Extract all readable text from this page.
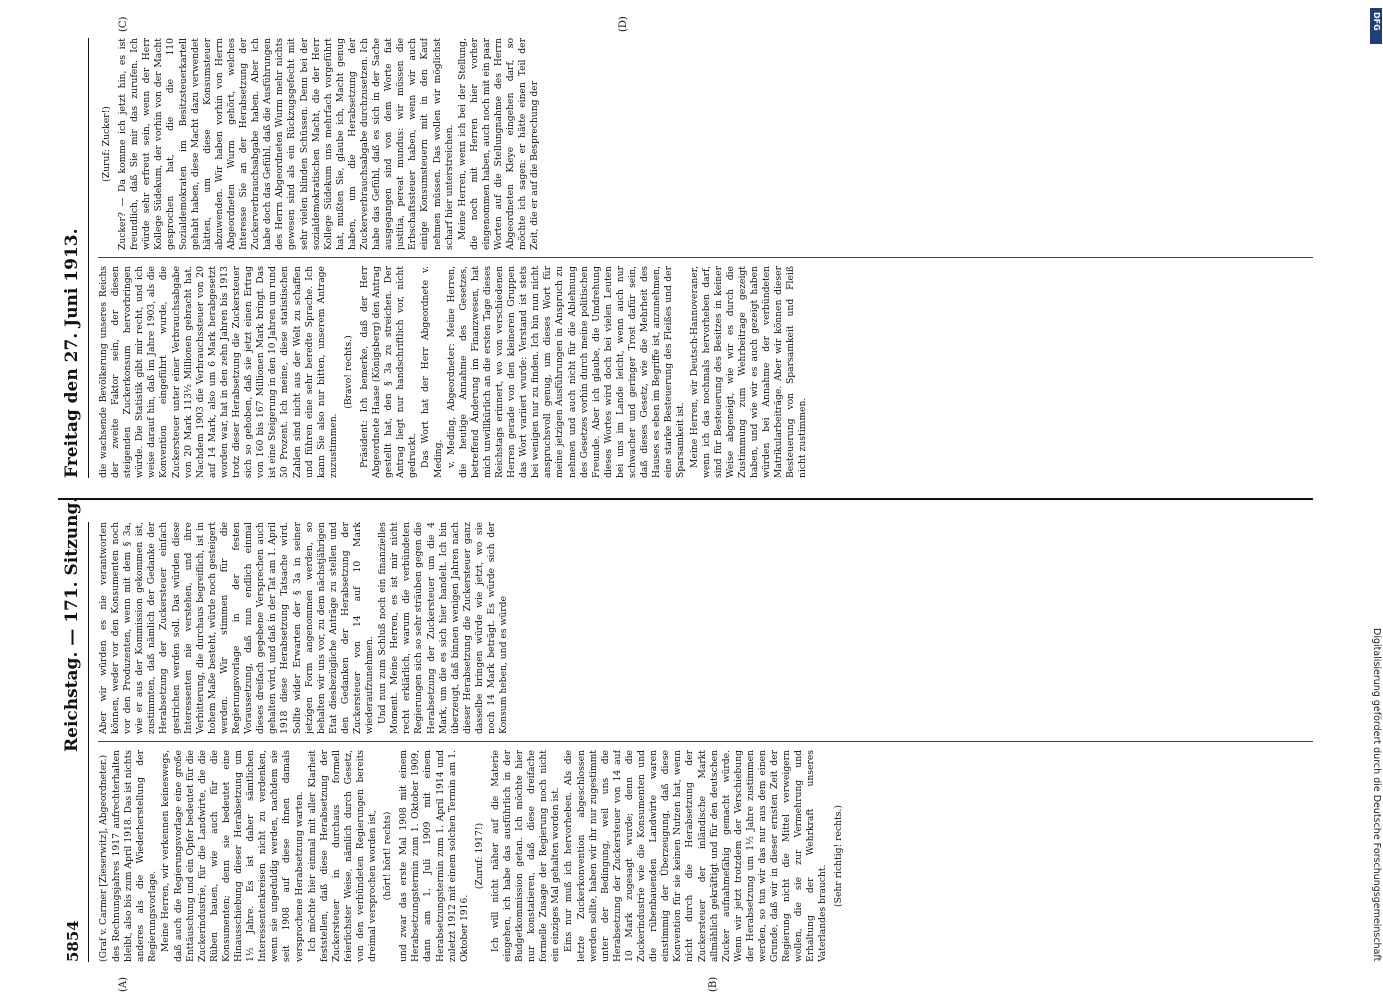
5854
Reichstag. — 171. Sitzung.

(Graf v. Carmer [Zieserwitz], Abgeordneter.) des Rechnungsjahres 1917 aufrechterhalten bleibt, also bis zum April 1918. Das ist nichts anderes als die Wiederherstellung der Regierungsvorlage. Meine Herren, wir verkennen keineswegs, daß auch die Regierungsvorlage eine große Enttäuschung und ein Opfer bedeutet für die Zuckerindustrie, für die Landwirte, die die Rüben bauen, wie auch für die Konsumenten; denn sie bedeutet eine Hinausschiebung dieser Herabsetzung um 1½ Jahre. Es ist daher sämtlichen Interessentenkreisen nicht zu verdenken, wenn sie ungeduldig werden, nachdem sie seit 1908 auf diese ihnen damals versprochene Herabsetzung warten. Ich möchte hier einmal mit aller Klarheit feststellen, daß diese Herabsetzung der Zuckersteuer in durchaus formell feierlichster Weise, nämlich durch Gesetz, von den verbündeten Regierungen bereits dreimal versprochen worden ist, (hört! hört! rechts) und zwar das erste Mal 1908 mit einem Herabsetzungstermin zum 1. Oktober 1909, dann am 1. Juli 1909 mit einem Herabsetzungstermin zum 1. April 1914 und zuletzt 1912 mit einem solchen Termin am 1. Oktober 1916.

(Zuruf: 1917!) Ich will nicht näher auf die Materie eingehen, ich habe das ausführlich in der Budgetkommission getan. Ich möchte hier nur konstatieren, daß diese dreifache formelle Zusage der Regierung noch nicht ein einziges Mal gehalten worden ist. Eins nur muß ich hervorheben. Als die letzte Zuckerkonvention abgeschlossen werden sollte, haben wir ihr nur zugestimmt unter der Bedingung, weil uns die Herabsetzung der Zuckersteuer von 14 auf 10 Mark zugesagt wurde; denn die Zuckerindustrie wie die Konsumenten und die rübenbauenden Landwirte waren einstimmig der Überzeugung, daß diese Konvention für sie keinen Nutzen hat, wenn nicht durch die Herabsetzung der Zuckersteuer der inländische Markt allmählich gekräftigt und für den deutschen Zucker aufnahmefähig gemacht würde. Wenn wir jetzt trotzdem der Verschiebung der Herabsetzung um 1½ Jahre zustimmen werden, so tun wir das nur aus dem einen Grunde, daß wir in dieser ernsten Zeit der Regierung nicht die Mittel verweigern wollen, die sie zur Vermehrung und Erhaltung der Wehrkraft unseres Vaterlandes braucht.

(Sehr richtig! rechts.)

Aber wir würden es nie verantworten können, weder vor den Konsumenten noch vor den Produzenten, wenn mit dem § 3a, wie er aus der Kommission gekommen ist, zustimmten, daß nämlich der Gedanke der Herabsetzung der Zuckersteuer einfach gestrichen werden soll. Das würden diese Interessenten nie verstehen, und ihre Verbitterung, die durchaus begreiflich, ist in hohem Maße besteht, würde noch gesteigert werden. Wir stimmen für die Regierungsvorlage in der festen Voraussetzung, daß nun endlich einmal dieses dreifach gegebene Versprechen auch gehalten wird, und daß in der Tat am 1. April 1918 diese Herabsetzung Tatsache wird. Sollte wider Erwarten der § 3a in seiner jetzigen Form angenommen werden, so behalten wir uns vor, zu dem nächstjährigen Etat diesbezügliche Anträge zu stellen und den Gedanken der Herabsetzung der Zuckersteuer von 14 auf 10 Mark wiederaufzunehmen. Und nun zum Schluß noch ein finanzielles Moment. Meine Herren, es ist mir nicht recht erklärlich, warum die verbündeten Regierungen sich so sehr sträuben gegen die Herabsetzung der Zuckersteuer um die 4 Mark, um die es sich hier handelt. Ich bin überzeugt, daß binnen wenigen Jahren nach dieser Herabsetzung die Zuckersteuer ganz dasselbe bringen würde wie jetzt, wo sie noch 14 Mark beträgt. Es würde sich der Konsum heben, und es würde

Freitag den 27. Juni 1913. die wachsende Bevölkerung unseres Reichs der zweite Faktor sein, der diesen steigenden Zuckerkonsum hervorbringen würde. Die Statistik gibt mir recht, und ich weise darauf hin, daß im Jahre 1903, als die Konvention eingeführt wurde, die Zuckersteuer unter einer Verbrauchsabgabe von 20 Mark 113⅟₂ Millionen gebracht hat. Nachdem 1903 die Verbrauchssteuer von 20 auf 14 Mark, also um 6 Mark herabgesetzt worden war, hat in den zehn Jahren bis 1913 trotz dieser Herabsetzung die Zuckersteuer sich so gehoben, daß sie jetzt einen Ertrag von 160 bis 167 Millionen Mark bringt. Das ist eine Steigerung in den 10 Jahren um rund 50 Prozent. Ich meine, diese statistischen Zahlen sind nicht aus der Welt zu schaffen und führen eine sehr beredte Sprache. Ich kann Sie also nur bitten, unserem Antrage zuzustimmen.

(Bravo! rechts.) Präsident: Ich bemerke, daß der Herr Abgeordnete Haase (Königsberg) den Antrag gestellt hat, den § 3a zu streichen. Der Antrag liegt nur handschriftlich vor, nicht gedruckt. Das Wort hat der Herr Abgeordnete v. Meding. v. Meding, Abgeordneter: Meine Herren, die heutige Annahme des Gesetzes, betreffend Änderung im Finanzwesen, hat mich unwillkürlich an die ersten Tage dieses Reichstags erinnert, wo von verschiedenen Herren gerade von den kleineren Gruppen das Wort variiert wurde: Verstand ist stets bei wenigen nur zu finden. Ich bin nun nicht anspruchsvoll genug, um dieses Wort für meine jetzigen Ausführungen in Anspruch zu nehmen und auch nicht für die Ablehnung des Gesetzes vorhin durch meine politischen Freunde. Aber ich glaube, die Umdrehung dieses Wortes wird doch bei vielen Leuten bei uns im Lande leicht, wenn auch nur schwacher und geringer Trost dafür sein, daß dieses Gesetz, wie die Mehrheit des Hauses es eben im Begriffe ist, anzunehmen, eine starke Besteuerung des Fleißes und der Sparsamkeit ist. Meine Herren, wir Deutsch-Hannoveraner, wenn ich das nochmals hervorheben darf, sind für Besteuerung des Besitzes in keiner Weise abgeneigt, wie wir es durch die Zustimmung zum Wehrbeitrage gezeigt haben, und wie wir es auch gezeigt haben würden bei Annahme der verbündeten Matrikularbeiträge. Aber wir können dieser Besteuerung von Sparsamkeit und Fleiß nicht zustimmen.

(Zuruf: Zucker!) Zucker? — Da komme ich jetzt hin, es ist freundlich, daß Sie mir das zurufen. Ich würde sehr erfreut sein, wenn der Herr Kollege Südekum, der vorhin von der Macht gesprochen hat, die die 110 Sozialdemokraten im Besitzsteuerkartell gehabt haben, diese Macht dazu verwendet hätten, um diese Konsumsteuer abzuwenden. Wir haben vorhin von Herrn Abgeordneten Wurm gehört, welches Interesse Sie an der Herabsetzung der Zuckerverbrauchsabgabe haben. Aber ich habe doch das Gefühl, daß die Ausführungen des Herrn Abgeordneten Wurm mehr nichts gewesen sind als ein Rückzugsgefecht mit sehr vielen blinden Schüssen. Denn bei der sozialdemokratischen Macht, die der Herr Kollege Südekum uns mehrfach vorgeführt hat, mußten Sie, glaube ich, Macht genug haben, um die Herabsetzung der Zuckerverbrauchsabgabe durchzusetzen. Ich habe das Gefühl, daß es sich in der Sache ausgegangen sind von dem Worte fiat justitia, pereat mundus: wir müssen die Erbschaftssteuer haben, wenn wir auch einige Konsumsteuern mit in den Kauf nehmen müssen. Das wollen wir möglichst scharf hier unterstreichen. Meine Herren, wenn ich bei der Stellung, die noch mit Herren hier vorher eingenommen haben, auch noch mit ein paar Worten auf die Stellungnahme des Herrn Abgeordneten Kleye eingehen darf, so möchte ich sagen: er hätte einen Teil der Zeit, die er auf die Besprechung der

(A)	(B)
(C)	(D)	DFG
Digitalisierung gefördert durch die Deutsche Forschungsgemeinschaft
